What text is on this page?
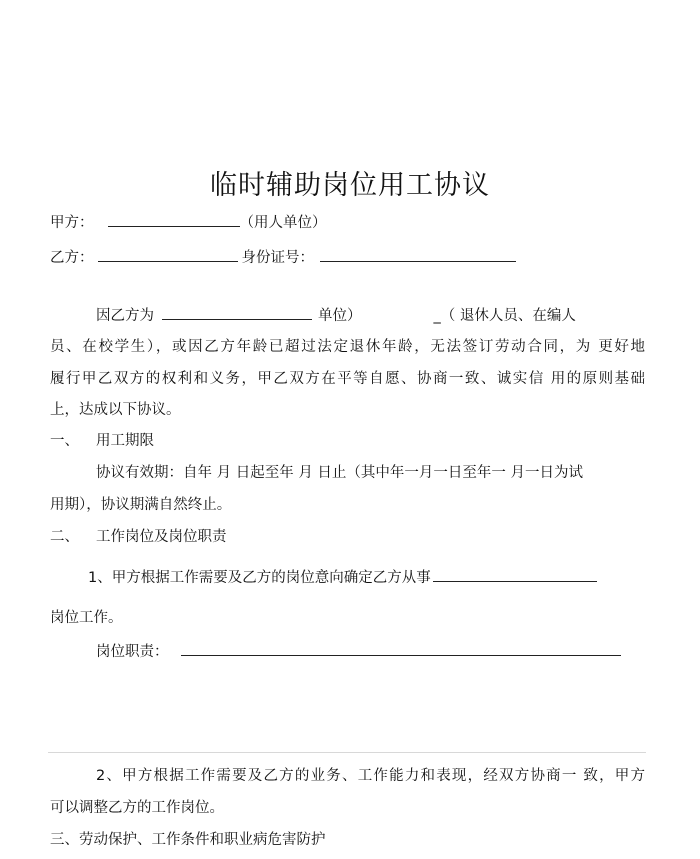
临时辅助岗位用工协议

甲方：	（用人单位）

乙方：	身份证号：

因乙方为	单位）	_（ 退休人员、在编人

员、在校学生），或因乙方年龄已超过法定退休年龄，无法签订劳动合同，为 更好地

履行甲乙双方的权利和义务，甲乙双方在平等自愿、协商一致、诚实信 用的原则基础

上，达成以下协议。

一、 用工期限

协议有效期：自年 月 日起至年 月 日止（其中年一月一日至年一 月一日为试

用期），协议期满自然终止。

二、 工作岗位及岗位职责

1、甲方根据工作需要及乙方的岗位意向确定乙方从事

岗位工作。

岗位职责：

2、甲方根据工作需要及乙方的业务、工作能力和表现，经双方协商一 致，甲方

可以调整乙方的工作岗位。

三、劳动保护、工作条件和职业病危害防护
